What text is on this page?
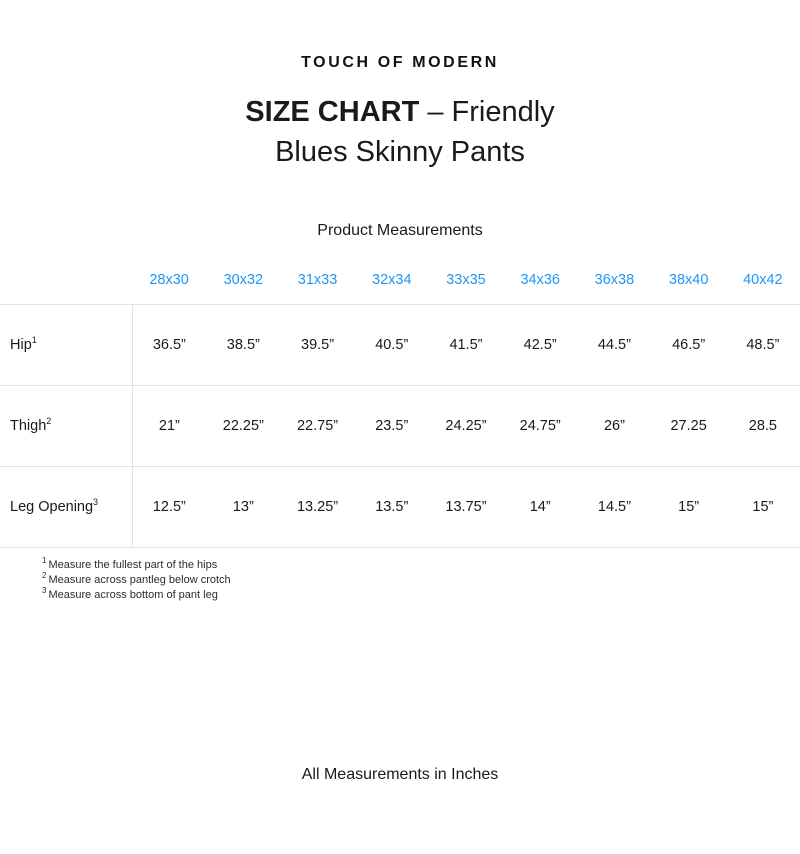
TOUCH OF MODERN
SIZE CHART – Friendly
Blues Skinny Pants
Product Measurements
	28x30	30x32	31x33	32x34	33x35	34x36	36x38	38x40	40x42
Hip$^1$	36.5”	38.5”	39.5”	40.5”	41.5”	42.5”	44.5”	46.5”	48.5”
Thigh$^2$	21”	22.25”	22.75”	23.5”	24.25”	24.75”	26”	27.25	28.5
Leg Opening$^3$	12.5”	13”	13.25”	13.5”	13.75”	14”	14.5”	15”	15”
$^1$ Measure the fullest part of the hips
$^2$ Measure across pantleg below crotch
$^3$ Measure across bottom of pant leg
All Measurements in Inches
